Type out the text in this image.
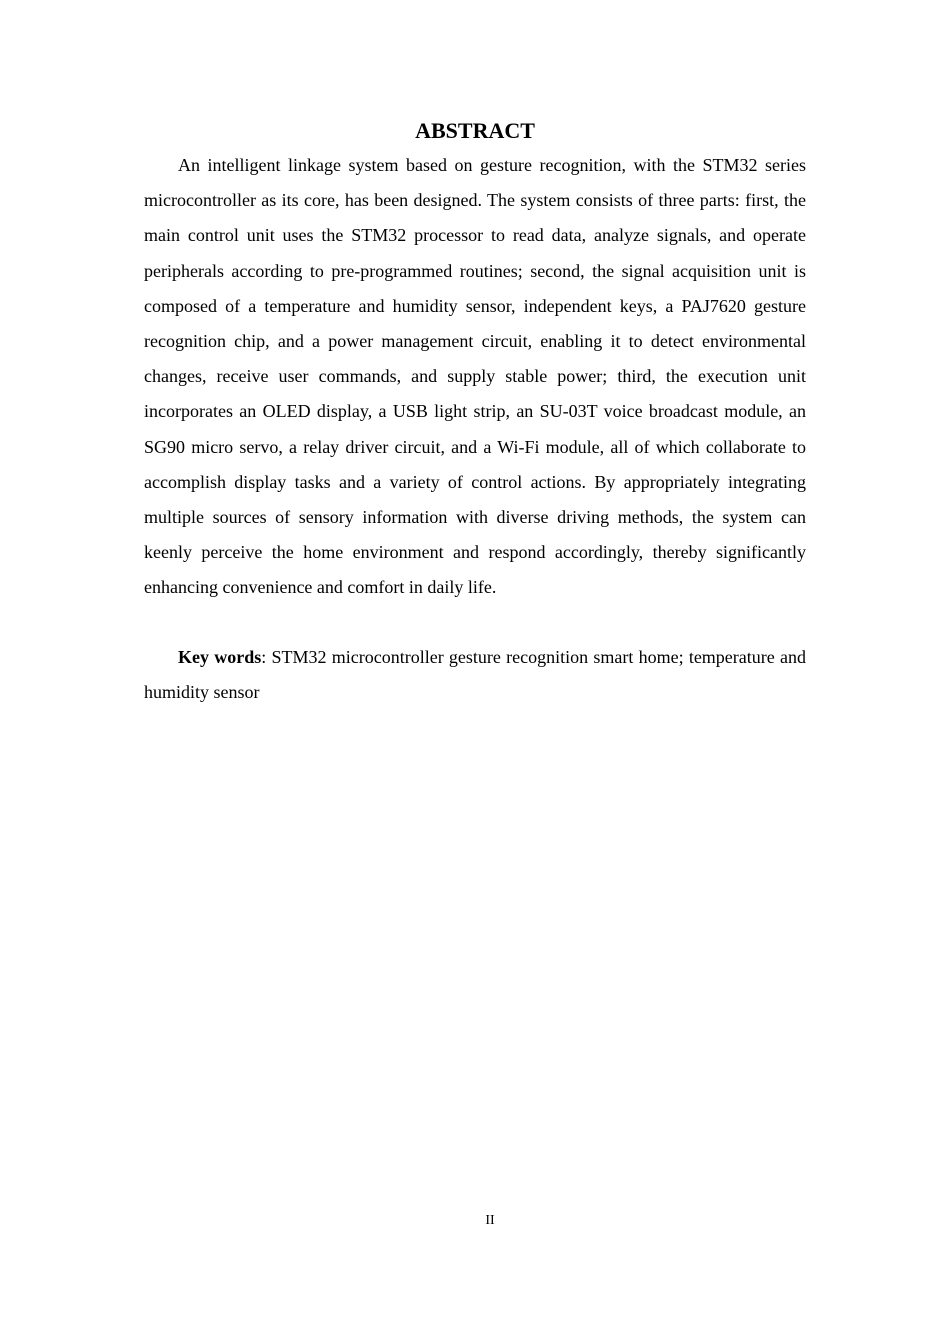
ABSTRACT

An intelligent linkage system based on gesture recognition, with the STM32 series microcontroller as its core, has been designed. The system consists of three parts: first, the main control unit uses the STM32 processor to read data, analyze signals, and operate peripherals according to pre-programmed routines; second, the signal acquisition unit is composed of a temperature and humidity sensor, independent keys, a PAJ7620 gesture recognition chip, and a power management circuit, enabling it to detect environmental changes, receive user commands, and supply stable power; third, the execution unit incorporates an OLED display, a USB light strip, an SU-03T voice broadcast module, an SG90 micro servo, a relay driver circuit, and a Wi-Fi module, all of which collaborate to accomplish display tasks and a variety of control actions. By appropriately integrating multiple sources of sensory information with diverse driving methods, the system can keenly perceive the home environment and respond accordingly, thereby significantly enhancing convenience and comfort in daily life.

Key words: STM32 microcontroller gesture recognition smart home; temperature and humidity sensor

II
